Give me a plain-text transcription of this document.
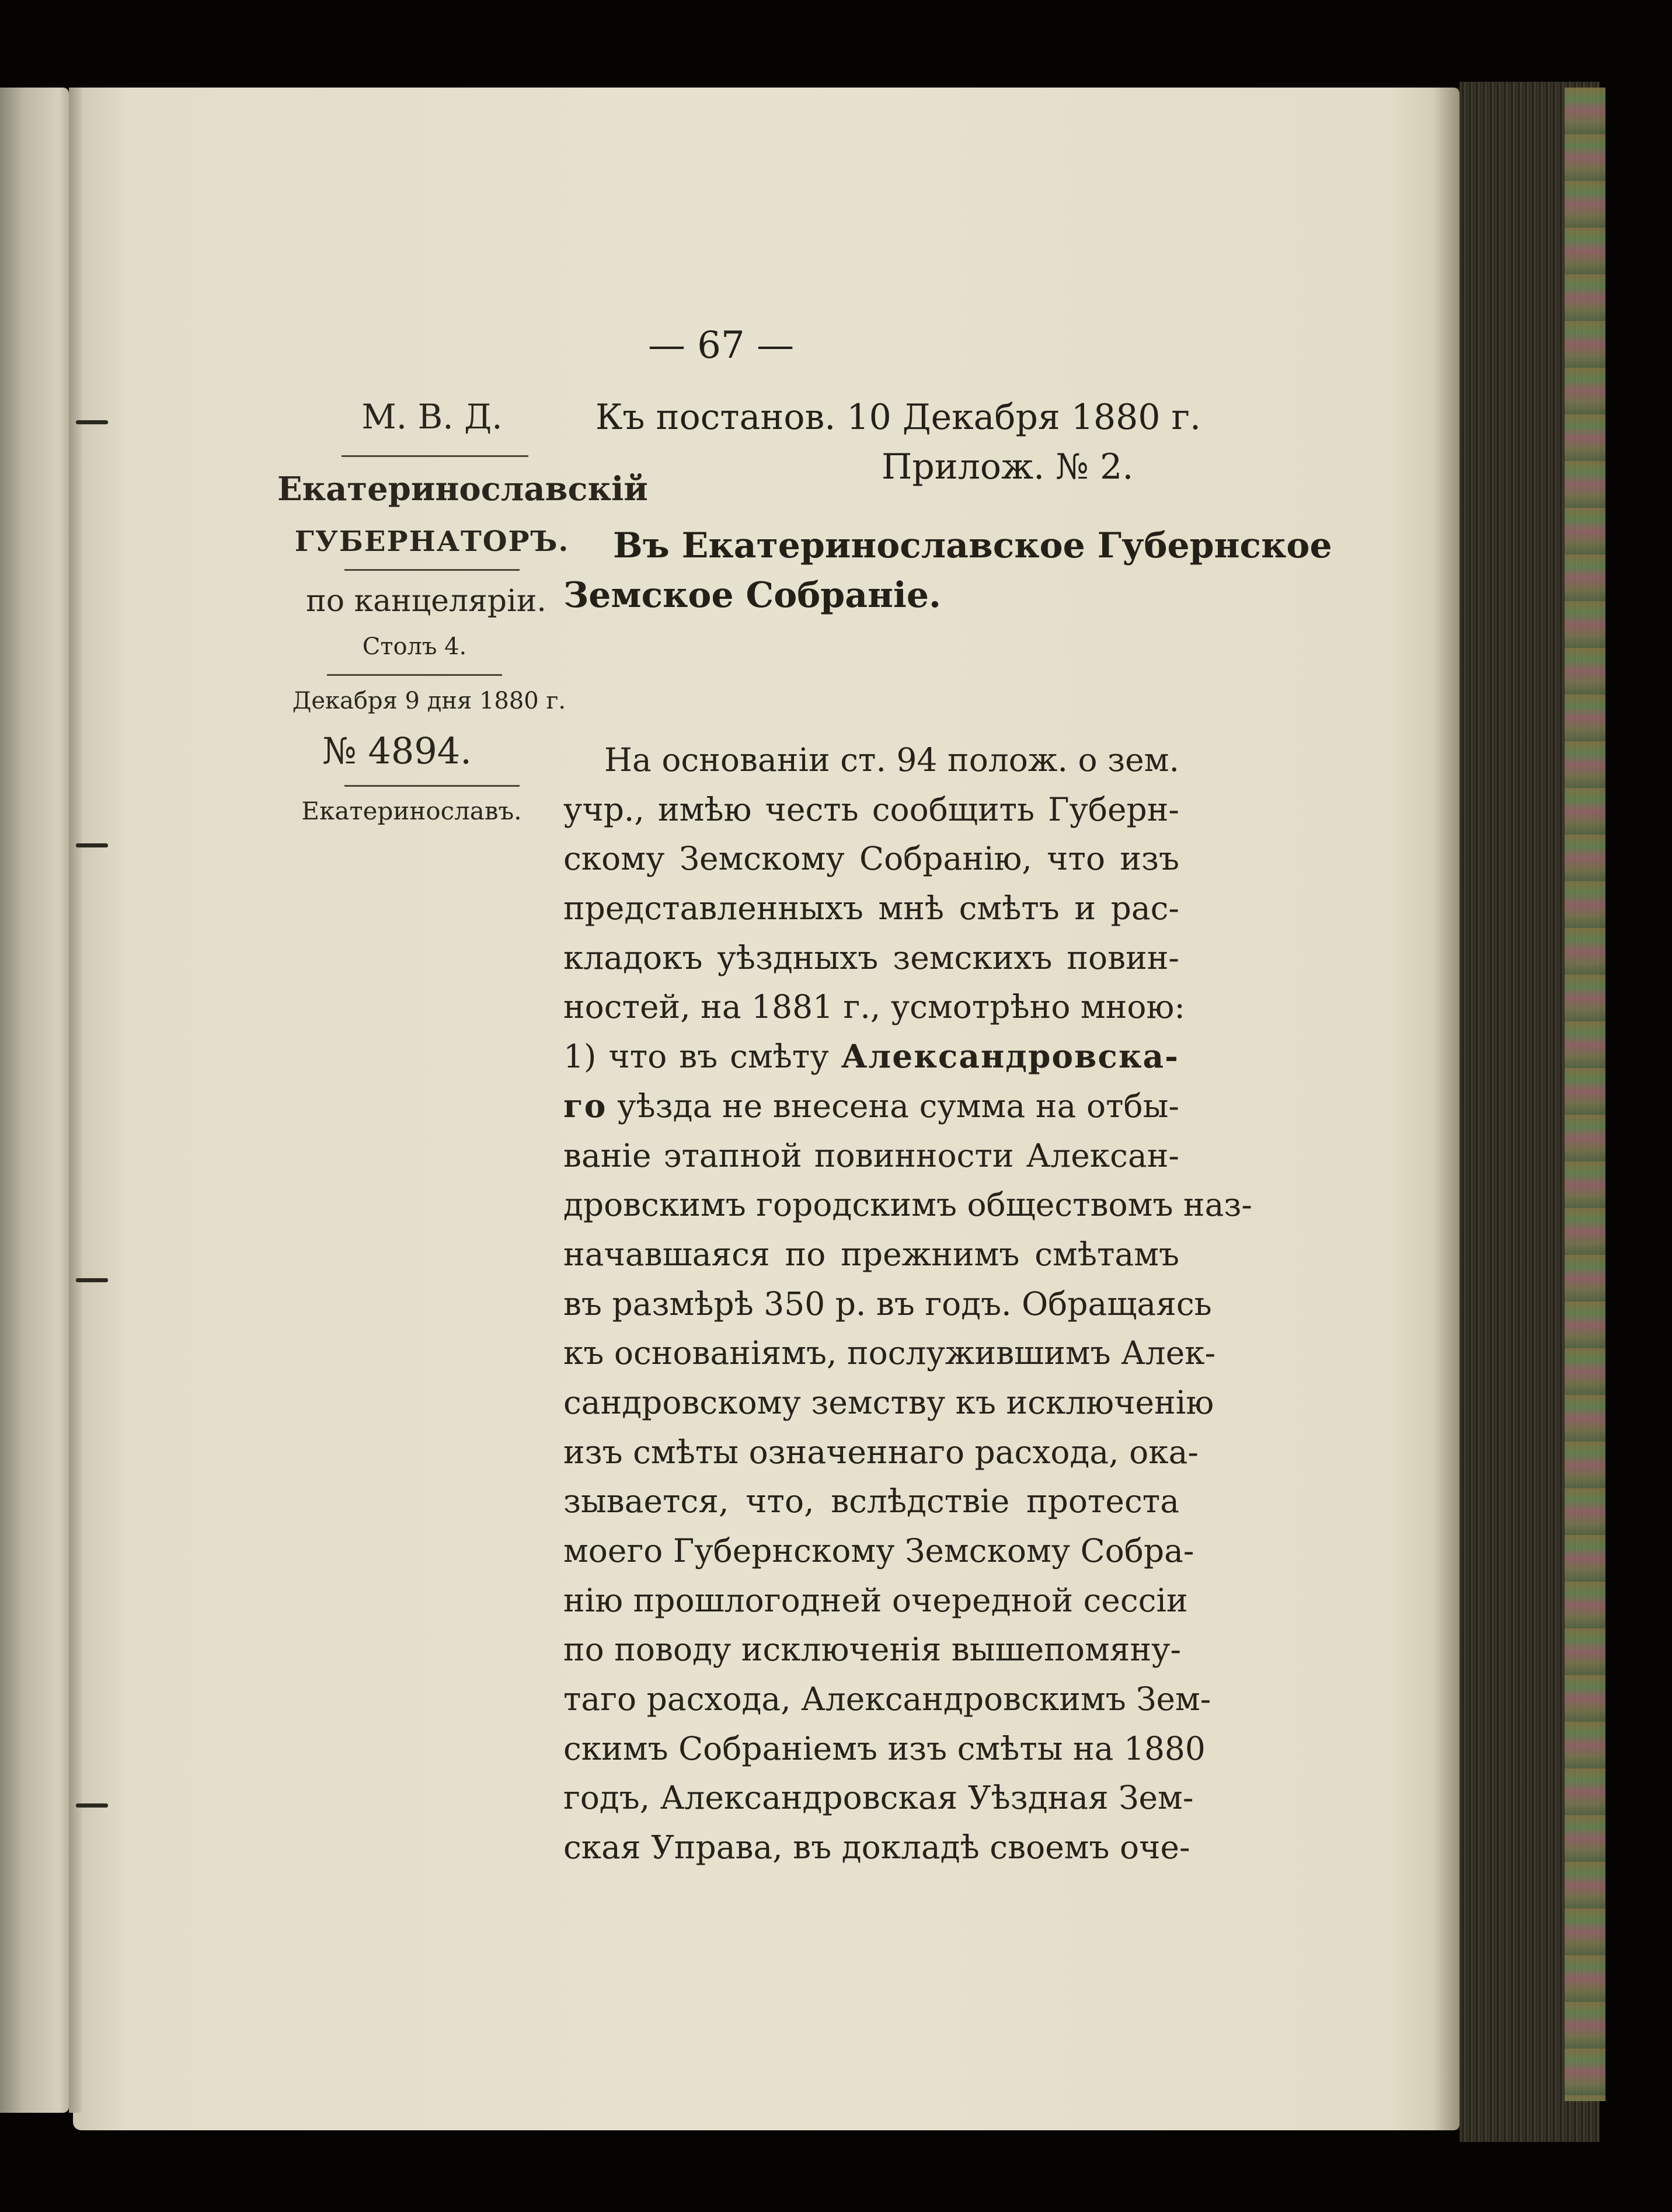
— 67 —
М. В. Д.
Екатеринославскій
ГУБЕРНАТОРЪ.
по канцеляріи.
Столъ 4.
Декабря 9 дня 1880 г.
№ 4894.
Екатеринославъ.
Къ постанов. 10 Декабря 1880 г.
Прилож. № 2.
Въ Екатеринославское Губернское
Земское Собраніе.
На основаніи ст. 94 полож. о зем.
учр., имѣю честь сообщить Губерн-
скому Земскому Собранію, что изъ
представленныхъ мнѣ смѣтъ и рас-
кладокъ уѣздныхъ земскихъ повин-
ностей, на 1881 г., усмотрѣно мною:
1) что въ смѣту Александровска-
го уѣзда не внесена сумма на отбы-
ваніе этапной повинности Алексан-
дровскимъ городскимъ обществомъ наз-
начавшаяся по прежнимъ смѣтамъ
въ размѣрѣ 350 р. въ годъ. Обращаясь
къ основаніямъ, послужившимъ Алек-
сандровскому земству къ исключенію
изъ смѣты означеннаго расхода, ока-
зывается, что, вслѣдствіе протеста
моего Губернскому Земскому Собра-
нію прошлогодней очередной сессіи
по поводу исключенія вышепомяну-
таго расхода, Александровскимъ Зем-
скимъ Собраніемъ изъ смѣты на 1880
годъ, Александровская Уѣздная Зем-
ская Управа, въ докладѣ своемъ оче-
